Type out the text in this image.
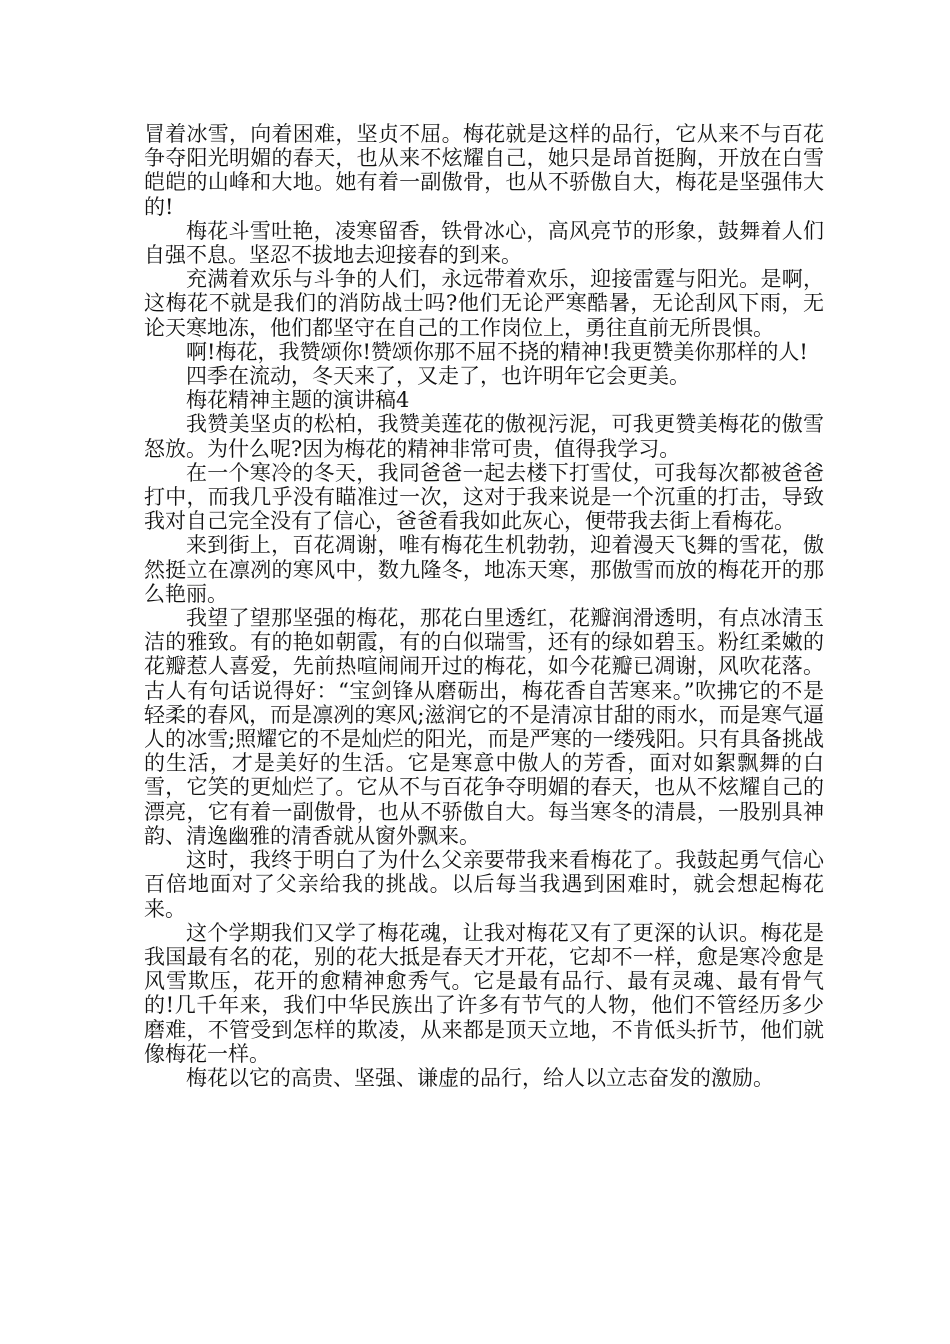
冒着冰雪，向着困难，坚贞不屈。梅花就是这样的品行，它从来不与百花争夺阳光明媚的春天，也从来不炫耀自己，她只是昂首挺胸，开放在白雪皑皑的山峰和大地。她有着一副傲骨，也从不骄傲自大，梅花是坚强伟大的!

梅花斗雪吐艳，凌寒留香，铁骨冰心，高风亮节的形象，鼓舞着人们自强不息。坚忍不拔地去迎接春的到来。

充满着欢乐与斗争的人们，永远带着欢乐，迎接雷霆与阳光。是啊，这梅花不就是我们的消防战士吗?他们无论严寒酷暑，无论刮风下雨，无论天寒地冻，他们都坚守在自己的工作岗位上，勇往直前无所畏惧。

啊!梅花，我赞颂你!赞颂你那不屈不挠的精神!我更赞美你那样的人!

四季在流动，冬天来了，又走了，也许明年它会更美。

梅花精神主题的演讲稿4

我赞美坚贞的松柏，我赞美莲花的傲视污泥，可我更赞美梅花的傲雪怒放。为什么呢?因为梅花的精神非常可贵，值得我学习。

在一个寒冷的冬天，我同爸爸一起去楼下打雪仗，可我每次都被爸爸打中，而我几乎没有瞄准过一次，这对于我来说是一个沉重的打击，导致我对自己完全没有了信心，爸爸看我如此灰心，便带我去街上看梅花。

来到街上，百花凋谢，唯有梅花生机勃勃，迎着漫天飞舞的雪花，傲然挺立在凛冽的寒风中，数九隆冬，地冻天寒，那傲雪而放的梅花开的那么艳丽。

我望了望那坚强的梅花，那花白里透红，花瓣润滑透明，有点冰清玉洁的雅致。有的艳如朝霞，有的白似瑞雪，还有的绿如碧玉。粉红柔嫩的花瓣惹人喜爱，先前热喧闹闹开过的梅花，如今花瓣已凋谢，风吹花落。古人有句话说得好：“宝剑锋从磨砺出，梅花香自苦寒来。”吹拂它的不是轻柔的春风，而是凛冽的寒风;滋润它的不是清凉甘甜的雨水，而是寒气逼人的冰雪;照耀它的不是灿烂的阳光，而是严寒的一缕残阳。只有具备挑战的生活，才是美好的生活。它是寒意中傲人的芳香，面对如絮飘舞的白雪，它笑的更灿烂了。它从不与百花争夺明媚的春天，也从不炫耀自己的漂亮，它有着一副傲骨，也从不骄傲自大。每当寒冬的清晨，一股别具神韵、清逸幽雅的清香就从窗外飘来。

这时，我终于明白了为什么父亲要带我来看梅花了。我鼓起勇气信心百倍地面对了父亲给我的挑战。以后每当我遇到困难时，就会想起梅花来。

这个学期我们又学了梅花魂，让我对梅花又有了更深的认识。梅花是我国最有名的花，别的花大抵是春天才开花，它却不一样，愈是寒冷愈是风雪欺压，花开的愈精神愈秀气。它是最有品行、最有灵魂、最有骨气的!几千年来，我们中华民族出了许多有节气的人物，他们不管经历多少磨难，不管受到怎样的欺凌，从来都是顶天立地，不肯低头折节，他们就像梅花一样。

梅花以它的高贵、坚强、谦虚的品行，给人以立志奋发的激励。
